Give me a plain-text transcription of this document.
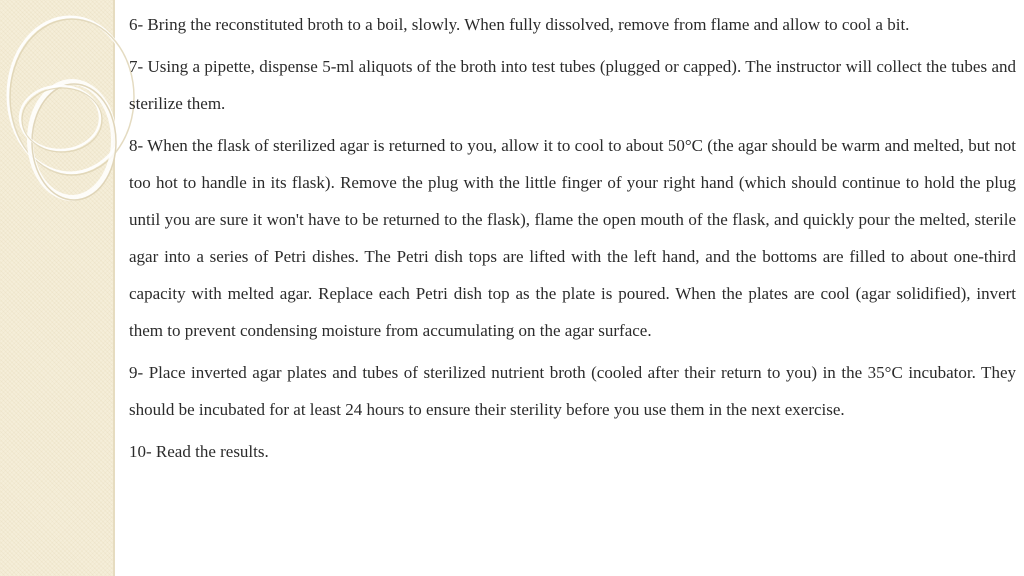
6- Bring the reconstituted broth to a boil, slowly. When fully dissolved, remove from flame and allow to cool a bit.

7- Using a pipette, dispense 5-ml aliquots of the broth into test tubes (plugged or capped). The instructor will collect the tubes and sterilize them.

8- When the flask of sterilized agar is returned to you, allow it to cool to about 50°C (the agar should be warm and melted, but not too hot to handle in its flask). Remove the plug with the little finger of your right hand (which should continue to hold the plug until you are sure it won't have to be returned to the flask), flame the open mouth of the flask, and quickly pour the melted, sterile agar into a series of Petri dishes. The Petri dish tops are lifted with the left hand, and the bottoms are filled to about one-third capacity with melted agar. Replace each Petri dish top as the plate is poured. When the plates are cool (agar solidified), invert them to prevent condensing moisture from accumulating on the agar surface.

9- Place inverted agar plates and tubes of sterilized nutrient broth (cooled after their return to you) in the 35°C incubator. They should be incubated for at least 24 hours to ensure their sterility before you use them in the next exercise.

10- Read the results.
